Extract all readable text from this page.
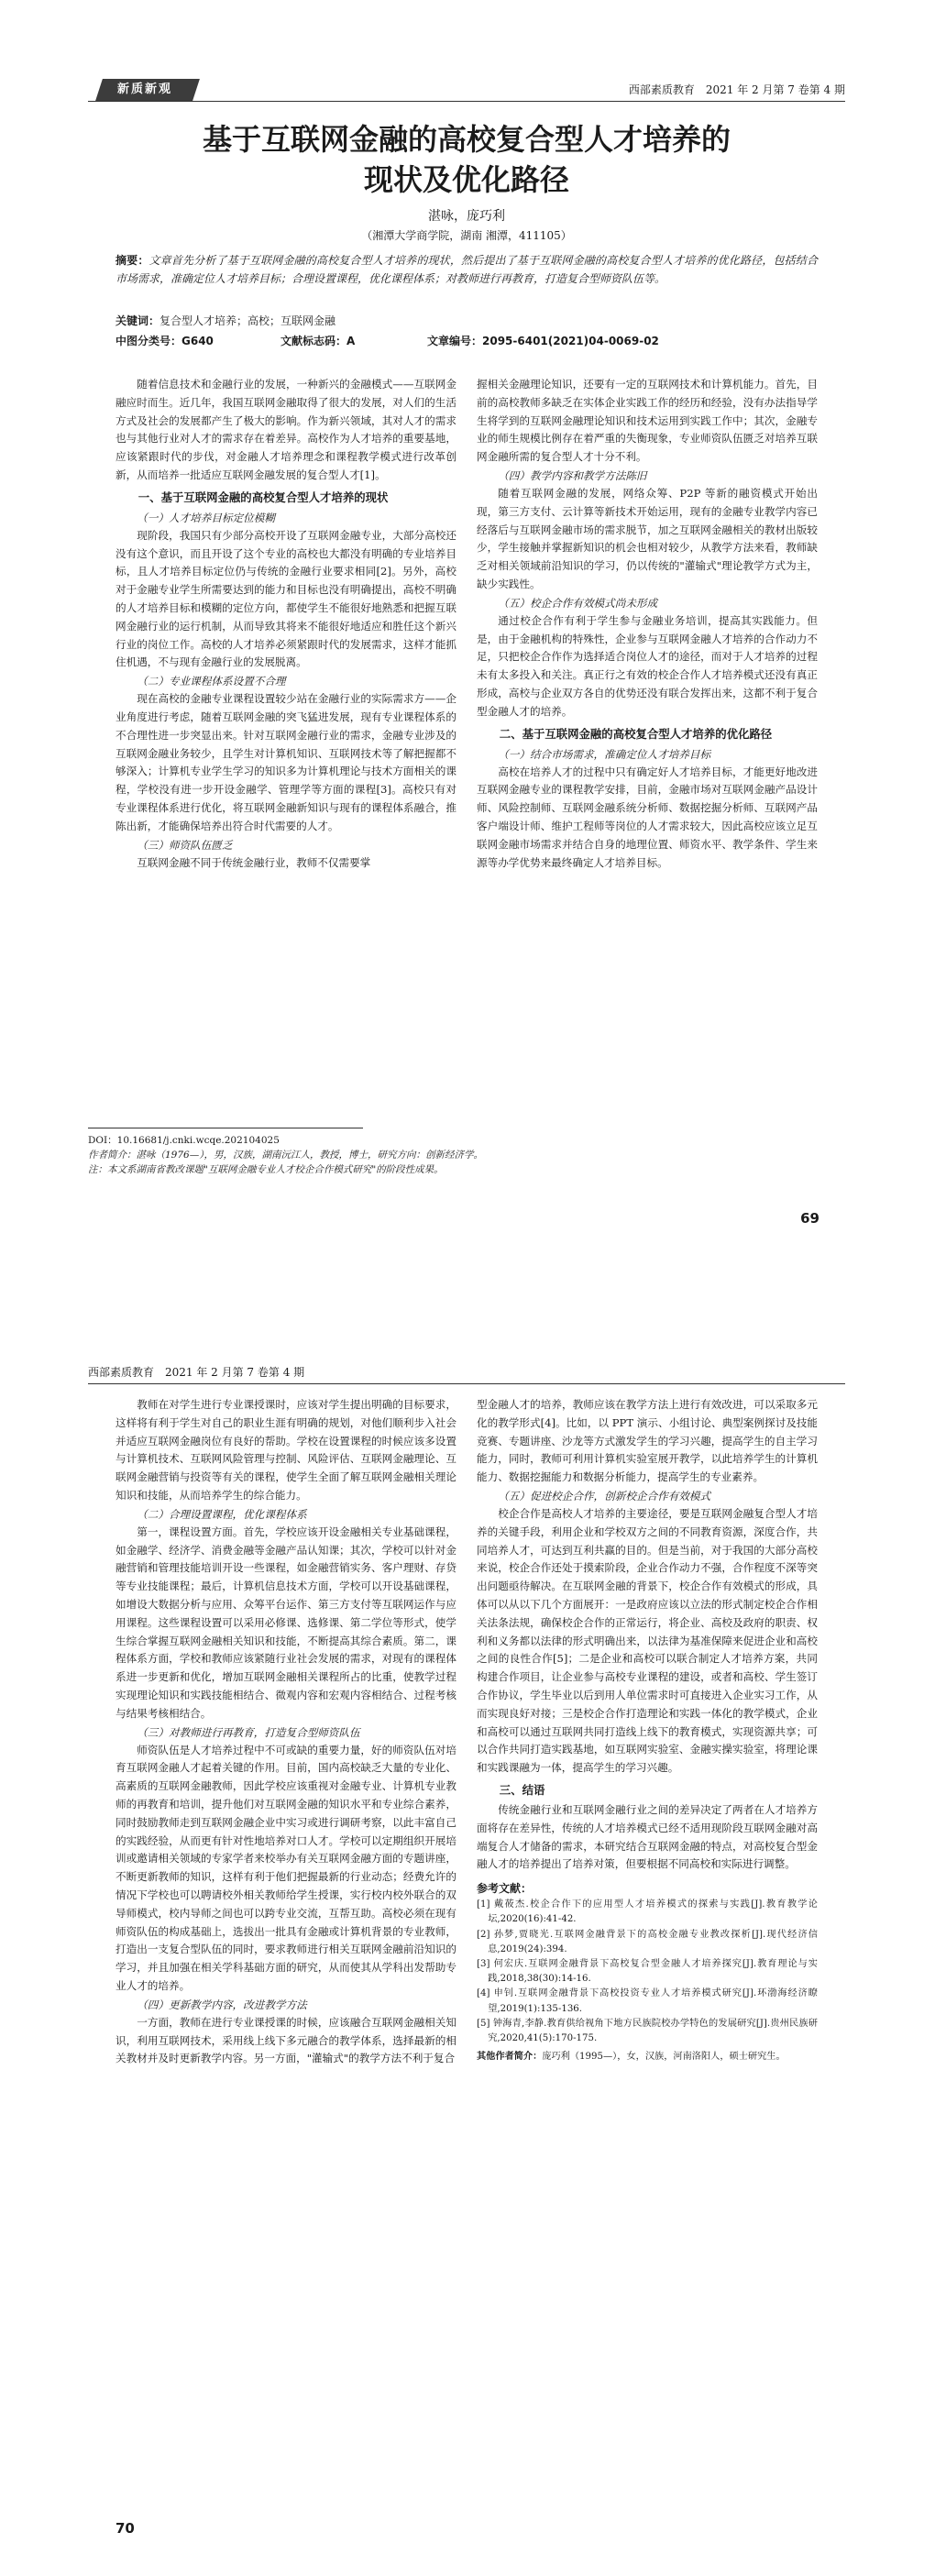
新质新观	西部素质教育　2021 年 2 月第 7 卷第 4 期
基于互联网金融的高校复合型人才培养的
现状及优化路径
湛咏，庞巧利
（湘潭大学商学院，湖南 湘潭，411105）
摘要：文章首先分析了基于互联网金融的高校复合型人才培养的现状，然后提出了基于互联网金融的高校复合型人才培养的优化路径，包括结合市场需求，准确定位人才培养目标；合理设置课程，优化课程体系；对教师进行再教育，打造复合型师资队伍等。
关键词：复合型人才培养；高校；互联网金融
中图分类号：G640	文献标志码：A	文章编号：2095-6401(2021)04-0069-02
随着信息技术和金融行业的发展，一种新兴的金融模式——互联网金融应时而生。近几年，我国互联网金融取得了很大的发展，对人们的生活方式及社会的发展都产生了极大的影响。作为新兴领域，其对人才的需求也与其他行业对人才的需求存在着差异。高校作为人才培养的重要基地，应该紧跟时代的步伐，对金融人才培养理念和课程教学模式进行改革创新，从而培养一批适应互联网金融发展的复合型人才[1]。
一、基于互联网金融的高校复合型人才培养的现状
（一）人才培养目标定位模糊
现阶段，我国只有少部分高校开设了互联网金融专业，大部分高校还没有这个意识，而且开设了这个专业的高校也大都没有明确的专业培养目标，且人才培养目标定位仍与传统的金融行业要求相同[2]。另外，高校对于金融专业学生所需要达到的能力和目标也没有明确提出，高校不明确的人才培养目标和模糊的定位方向，都使学生不能很好地熟悉和把握互联网金融行业的运行机制，从而导致其将来不能很好地适应和胜任这个新兴行业的岗位工作。高校的人才培养必须紧跟时代的发展需求，这样才能抓住机遇，不与现有金融行业的发展脱离。
（二）专业课程体系设置不合理
现在高校的金融专业课程设置较少站在金融行业的实际需求方——企业角度进行考虑，随着互联网金融的突飞猛进发展，现有专业课程体系的不合理性进一步突显出来。针对互联网金融行业的需求，金融专业涉及的互联网金融业务较少，且学生对计算机知识、互联网技术等了解把握都不够深入；计算机专业学生学习的知识多为计算机理论与技术方面相关的课程，学校没有进一步开设金融学、管理学等方面的课程[3]。高校只有对专业课程体系进行优化，将互联网金融新知识与现有的课程体系融合，推陈出新，才能确保培养出符合时代需要的人才。
（三）师资队伍匮乏
互联网金融不同于传统金融行业，教师不仅需要掌
握相关金融理论知识，还要有一定的互联网技术和计算机能力。首先，目前的高校教师多缺乏在实体企业实践工作的经历和经验，没有办法指导学生将学到的互联网金融理论知识和技术运用到实践工作中；其次，金融专业的师生规模比例存在着严重的失衡现象，专业师资队伍匮乏对培养互联网金融所需的复合型人才十分不利。
（四）教学内容和教学方法陈旧
随着互联网金融的发展，网络众筹、P2P 等新的融资模式开始出现，第三方支付、云计算等新技术开始运用，现有的金融专业教学内容已经落后与互联网金融市场的需求脱节，加之互联网金融相关的教材出版较少，学生接触并掌握新知识的机会也相对较少，从教学方法来看，教师缺乏对相关领域前沿知识的学习，仍以传统的"灌输式"理论教学方式为主，缺少实践性。
（五）校企合作有效模式尚未形成
通过校企合作有利于学生参与金融业务培训，提高其实践能力。但是，由于金融机构的特殊性，企业参与互联网金融人才培养的合作动力不足，只把校企合作作为选择适合岗位人才的途径，而对于人才培养的过程未有太多投入和关注。真正行之有效的校企合作人才培养模式还没有真正形成，高校与企业双方各自的优势还没有联合发挥出来，这都不利于复合型金融人才的培养。
二、基于互联网金融的高校复合型人才培养的优化路径
（一）结合市场需求，准确定位人才培养目标
高校在培养人才的过程中只有确定好人才培养目标，才能更好地改进互联网金融专业的课程教学安排，目前，金融市场对互联网金融产品设计师、风险控制师、互联网金融系统分析师、数据挖掘分析师、互联网产品客户端设计师、维护工程师等岗位的人才需求较大，因此高校应该立足互联网金融市场需求并结合自身的地理位置、师资水平、教学条件、学生来源等办学优势来最终确定人才培养目标。
DOI：10.16681/j.cnki.wcqe.202104025
作者简介：湛咏（1976—），男，汉族，湖南沅江人，教授，博士，研究方向：创新经济学。
注：本文系湖南省教改课题"互联网金融专业人才校企合作模式研究"的阶段性成果。
69
西部素质教育　2021 年 2 月第 7 卷第 4 期
教师在对学生进行专业课授课时，应该对学生提出明确的目标要求，这样将有利于学生对自己的职业生涯有明确的规划，对他们顺利步入社会并适应互联网金融岗位有良好的帮助。学校在设置课程的时候应该多设置与计算机技术、互联网风险管理与控制、风险评估、互联网金融理论、互联网金融营销与投资等有关的课程，使学生全面了解互联网金融相关理论知识和技能，从而培养学生的综合能力。
（二）合理设置课程，优化课程体系
第一，课程设置方面。首先，学校应该开设金融相关专业基础课程，如金融学、经济学、消费金融等金融产品认知课；其次，学校可以针对金融营销和管理技能培训开设一些课程，如金融营销实务、客户理财、存贷等专业技能课程；最后，计算机信息技术方面，学校可以开设基础课程，如增设大数据分析与应用、众筹平台运作、第三方支付等互联网运作与应用课程。这些课程设置可以采用必修课、选修课、第二学位等形式，使学生综合掌握互联网金融相关知识和技能，不断提高其综合素质。第二，课程体系方面，学校和教师应该紧随行业社会发展的需求，对现有的课程体系进一步更新和优化，增加互联网金融相关课程所占的比重，使教学过程实现理论知识和实践技能相结合、微观内容和宏观内容相结合、过程考核与结果考核相结合。
（三）对教师进行再教育，打造复合型师资队伍
师资队伍是人才培养过程中不可或缺的重要力量，好的师资队伍对培育互联网金融人才起着关键的作用。目前，国内高校缺乏大量的专业化、高素质的互联网金融教师，因此学校应该重视对金融专业、计算机专业教师的再教育和培训，提升他们对互联网金融的知识水平和专业综合素养，同时鼓励教师走到互联网金融企业中实习或进行调研考察，以此丰富自己的实践经验，从而更有针对性地培养对口人才。学校可以定期组织开展培训或邀请相关领域的专家学者来校举办有关互联网金融方面的专题讲座，不断更新教师的知识，这样有利于他们把握最新的行业动态；经费允许的情况下学校也可以聘请校外相关教师给学生授课，实行校内校外联合的双导师模式，校内导师之间也可以跨专业交流，互帮互助。高校必须在现有师资队伍的构成基础上，选拔出一批具有金融或计算机背景的专业教师，打造出一支复合型队伍的同时，要求教师进行相关互联网金融前沿知识的学习，并且加强在相关学科基础方面的研究，从而使其从学科出发帮助专业人才的培养。
（四）更新教学内容，改进教学方法
一方面，教师在进行专业课授课的时候，应该融合互联网金融相关知识，利用互联网技术，采用线上线下多元融合的教学体系，选择最新的相关教材并及时更新教学内容。另一方面，"灌输式"的教学方法不利于复合
型金融人才的培养，教师应该在教学方法上进行有效改进，可以采取多元化的教学形式[4]。比如，以 PPT 演示、小组讨论、典型案例探讨及技能竞赛、专题讲座、沙龙等方式激发学生的学习兴趣，提高学生的自主学习能力，同时，教师可利用计算机实验室展开教学，以此培养学生的计算机能力、数据挖掘能力和数据分析能力，提高学生的专业素养。
（五）促进校企合作，创新校企合作有效模式
校企合作是高校人才培养的主要途径，要是互联网金融复合型人才培养的关键手段，利用企业和学校双方之间的不同教育资源，深度合作，共同培养人才，可达到互利共赢的目的。但是当前，对于我国的大部分高校来说，校企合作还处于摸索阶段，企业合作动力不强，合作程度不深等突出问题亟待解决。在互联网金融的背景下，校企合作有效模式的形成，具体可以从以下几个方面展开：一是政府应该以立法的形式制定校企合作相关法条法规，确保校企合作的正常运行，将企业、高校及政府的职责、权利和义务都以法律的形式明确出来，以法律为基准保障来促进企业和高校之间的良性合作[5]；二是企业和高校可以联合制定人才培养方案，共同构建合作项目，让企业参与高校专业课程的建设，或者和高校、学生签订合作协议，学生毕业以后到用人单位需求时可直接进入企业实习工作，从而实现良好对接；三是校企合作打造理论和实践一体化的教学模式，企业和高校可以通过互联网共同打造线上线下的教育模式，实现资源共享；可以合作共同打造实践基地，如互联网实验室、金融实操实验室，将理论课和实践课融为一体，提高学生的学习兴趣。
三、结语
传统金融行业和互联网金融行业之间的差异决定了两者在人才培养方面将存在差异性，传统的人才培养模式已经不适用现阶段互联网金融对高端复合人才储备的需求，本研究结合互联网金融的特点，对高校复合型金融人才的培养提出了培养对策，但要根据不同高校和实际进行调整。
参考文献：
[1] 戴莜杰.校企合作下的应用型人才培养模式的探索与实践[J].教育教学论坛,2020(16):41-42.
[2] 孙梦,贾晓光.互联网金融背景下的高校金融专业教改探析[J].现代经济信息,2019(24):394.
[3] 何宏庆.互联网金融背景下高校复合型金融人才培养探究[J].教育理论与实践,2018,38(30):14-16.
[4] 申钊.互联网金融背景下高校投资专业人才培养模式研究[J].环渤海经济瞭望,2019(1):135-136.
[5] 钟海青,李静.教育供给视角下地方民族院校办学特色的发展研究[J].贵州民族研究,2020,41(5):170-175.
其他作者简介：庞巧利（1995—），女，汉族，河南洛阳人，硕士研究生。
70
